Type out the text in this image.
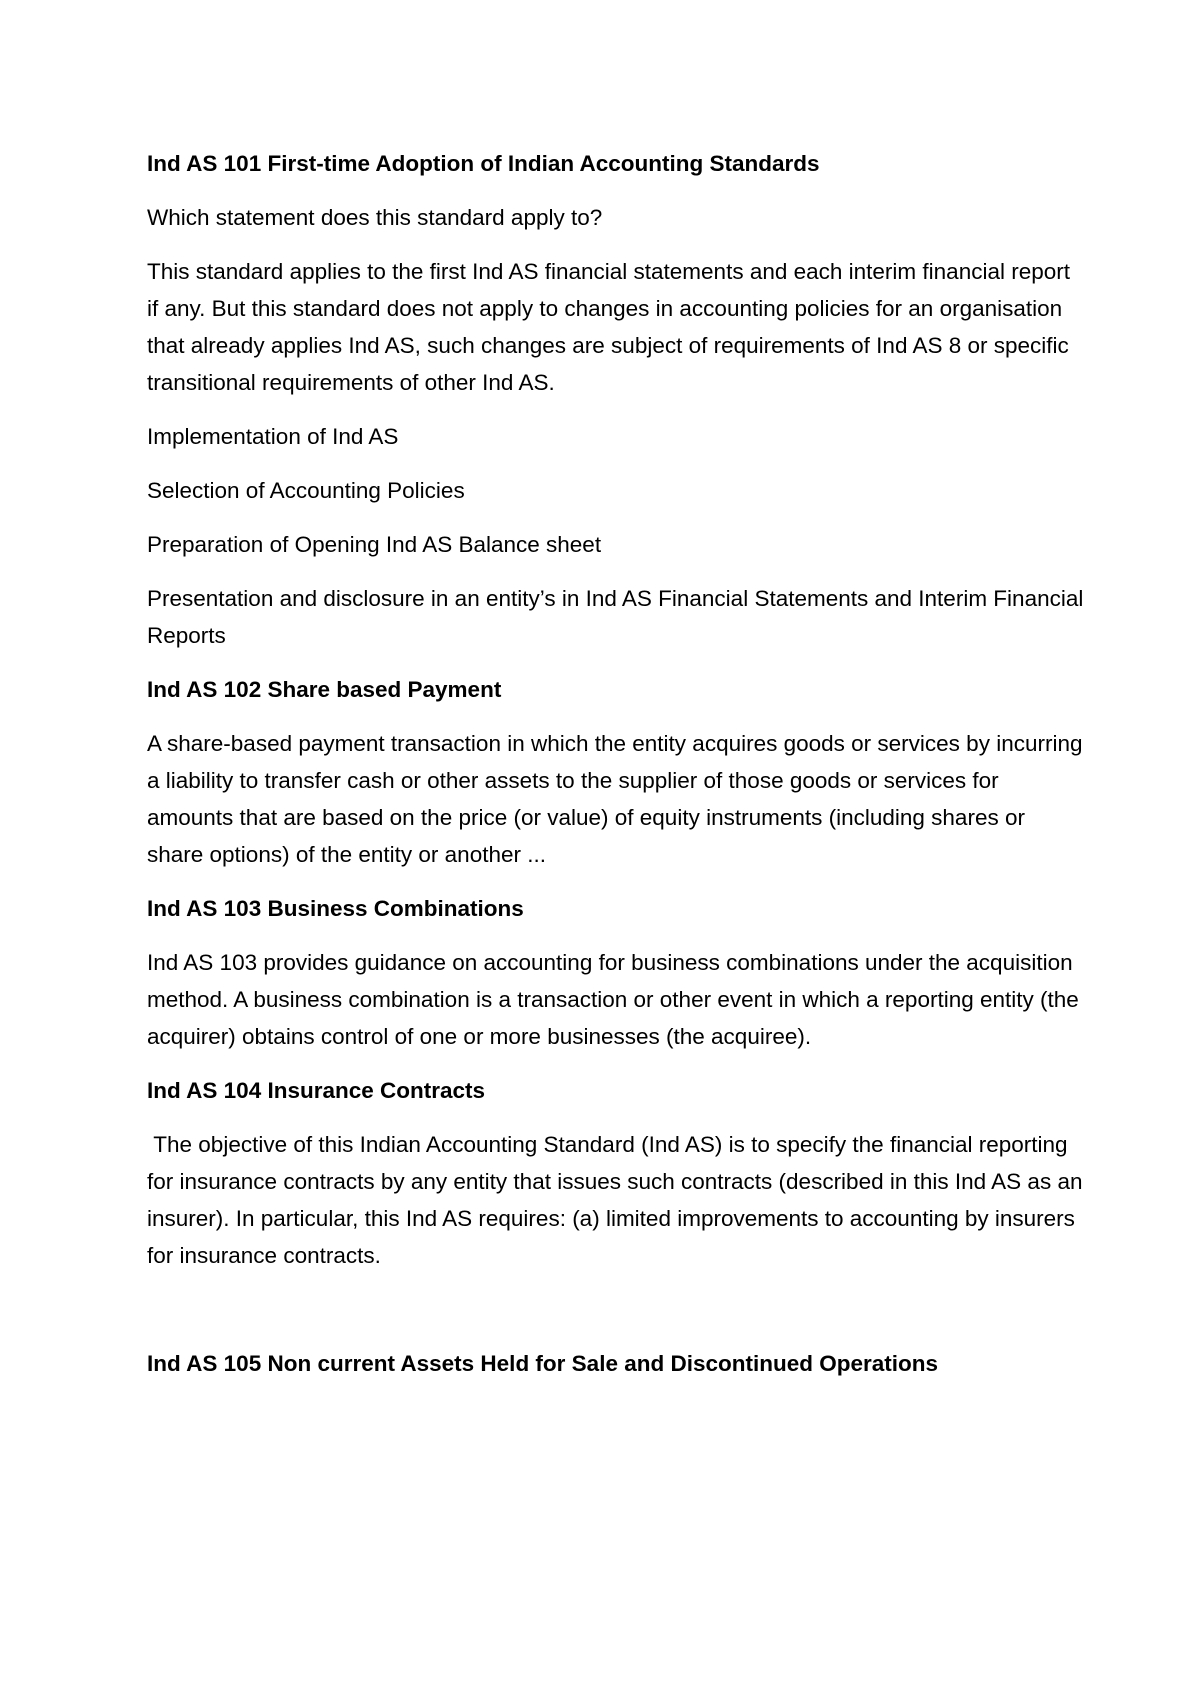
Ind AS 101 First-time Adoption of Indian Accounting Standards

Which statement does this standard apply to?

This standard applies to the first Ind AS financial statements and each interim financial report if any. But this standard does not apply to changes in accounting policies for an organisation that already applies Ind AS, such changes are subject of requirements of Ind AS 8 or specific transitional requirements of other Ind AS.

Implementation of Ind AS

Selection of Accounting Policies

Preparation of Opening Ind AS Balance sheet

Presentation and disclosure in an entity’s in Ind AS Financial Statements and Interim Financial Reports

Ind AS 102 Share based Payment

A share-based payment transaction in which the entity acquires goods or services by incurring a liability to transfer cash or other assets to the supplier of those goods or services for amounts that are based on the price (or value) of equity instruments (including shares or share options) of the entity or another ...

Ind AS 103 Business Combinations

Ind AS 103 provides guidance on accounting for business combinations under the acquisition method. A business combination is a transaction or other event in which a reporting entity (the acquirer) obtains control of one or more businesses (the acquiree).

Ind AS 104 Insurance Contracts

The objective of this Indian Accounting Standard (Ind AS) is to specify the financial reporting for insurance contracts by any entity that issues such contracts (described in this Ind AS as an insurer). In particular, this Ind AS requires: (a) limited improvements to accounting by insurers for insurance contracts.

Ind AS 105 Non current Assets Held for Sale and Discontinued Operations
